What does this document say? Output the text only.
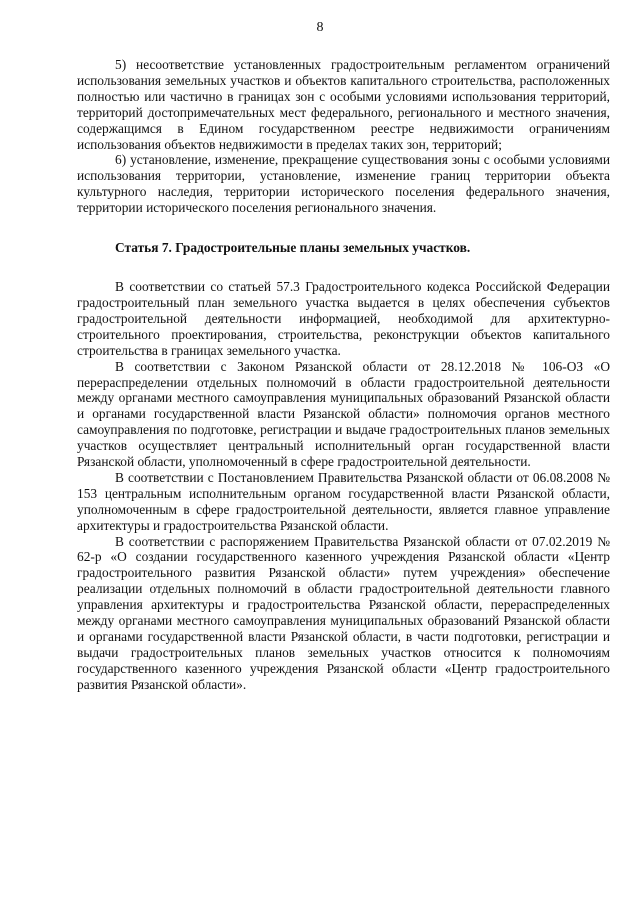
8

5) несоответствие установленных градостроительным регламентом ограничений использования земельных участков и объектов капитального строительства, расположенных полностью или частично в границах зон с особыми условиями использования территорий, территорий достопримечательных мест федерального, регионального и местного значения, содержащимся в Едином государственном реестре недвижимости ограничениям использования объектов недвижимости в пределах таких зон, территорий;

6) установление, изменение, прекращение существования зоны с особыми условиями использования территории, установление, изменение границ территории объекта культурного наследия, территории исторического поселения федерального значения, территории исторического поселения регионального значения.

Статья 7. Градостроительные планы земельных участков.

В соответствии со статьей 57.3 Градостроительного кодекса Российской Федерации градостроительный план земельного участка выдается в целях обеспечения субъектов градостроительной деятельности информацией, необходимой для архитектурно-строительного проектирования, строительства, реконструкции объектов капитального строительства в границах земельного участка.

В соответствии с Законом Рязанской области от 28.12.2018 № 106-ОЗ «О перераспределении отдельных полномочий в области градостроительной деятельности между органами местного самоуправления муниципальных образований Рязанской области и органами государственной власти Рязанской области» полномочия органов местного самоуправления по подготовке, регистрации и выдаче градостроительных планов земельных участков осуществляет центральный исполнительный орган государственной власти Рязанской области, уполномоченный в сфере градостроительной деятельности.

В соответствии с Постановлением Правительства Рязанской области от 06.08.2008 № 153 центральным исполнительным органом государственной власти Рязанской области, уполномоченным в сфере градостроительной деятельности, является главное управление архитектуры и градостроительства Рязанской области.

В соответствии с распоряжением Правительства Рязанской области от 07.02.2019 № 62-р «О создании государственного казенного учреждения Рязанской области «Центр градостроительного развития Рязанской области» путем учреждения» обеспечение реализации отдельных полномочий в области градостроительной деятельности главного управления архитектуры и градостроительства Рязанской области, перераспределенных между органами местного самоуправления муниципальных образований Рязанской области и органами государственной власти Рязанской области, в части подготовки, регистрации и выдачи градостроительных планов земельных участков относится к полномочиям государственного казенного учреждения Рязанской области «Центр градостроительного развития Рязанской области».
